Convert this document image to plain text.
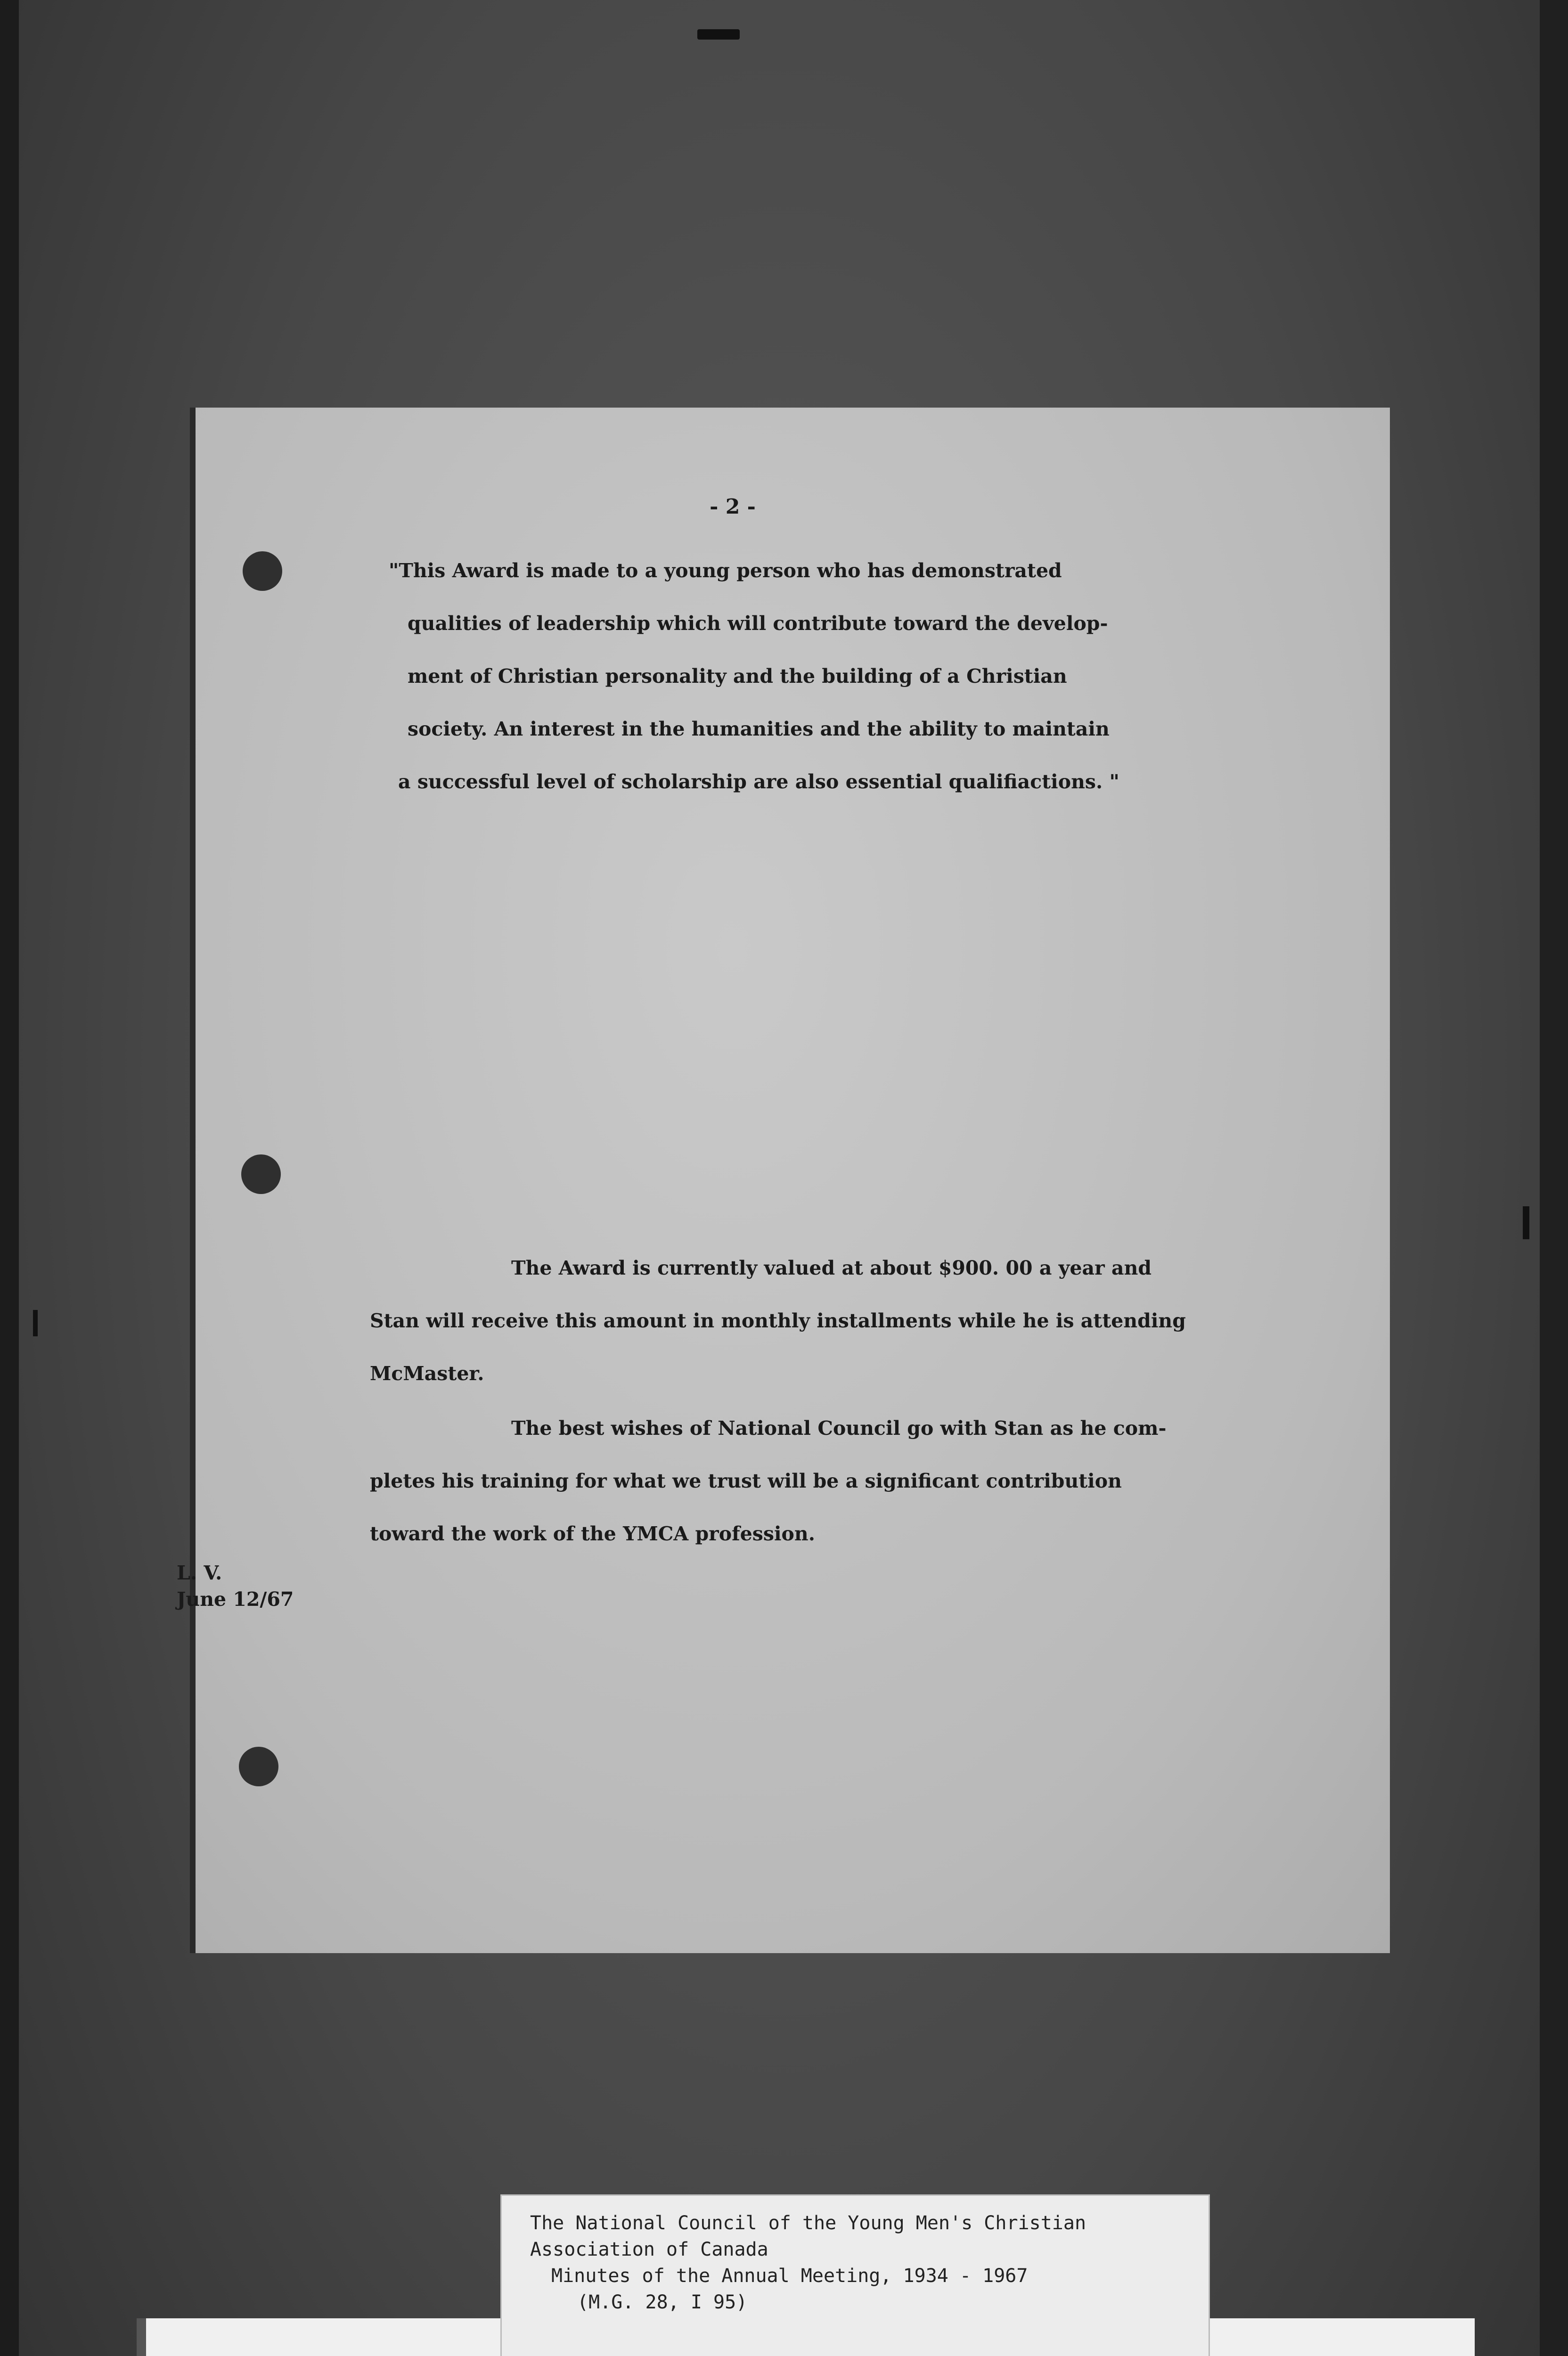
- 2 -
"This Award is made to a young person who has demonstrated
qualities of leadership which will contribute toward the develop-
ment of Christian personality and the building of a Christian
society. An interest in the humanities and the ability to maintain
a successful level of scholarship are also essential qualifiactions. "
The Award is currently valued at about $900. 00 a year and
Stan will receive this amount in monthly installments while he is attending
McMaster.
The best wishes of National Council go with Stan as he com-
pletes his training for what we trust will be a significant contribution
toward the work of the YMCA profession.
L. V.
June 12/67
The National Council of the Young Men's Christian
Association of Canada
Minutes of the Annual Meeting, 1934 - 1967
(M.G. 28, I 95)
